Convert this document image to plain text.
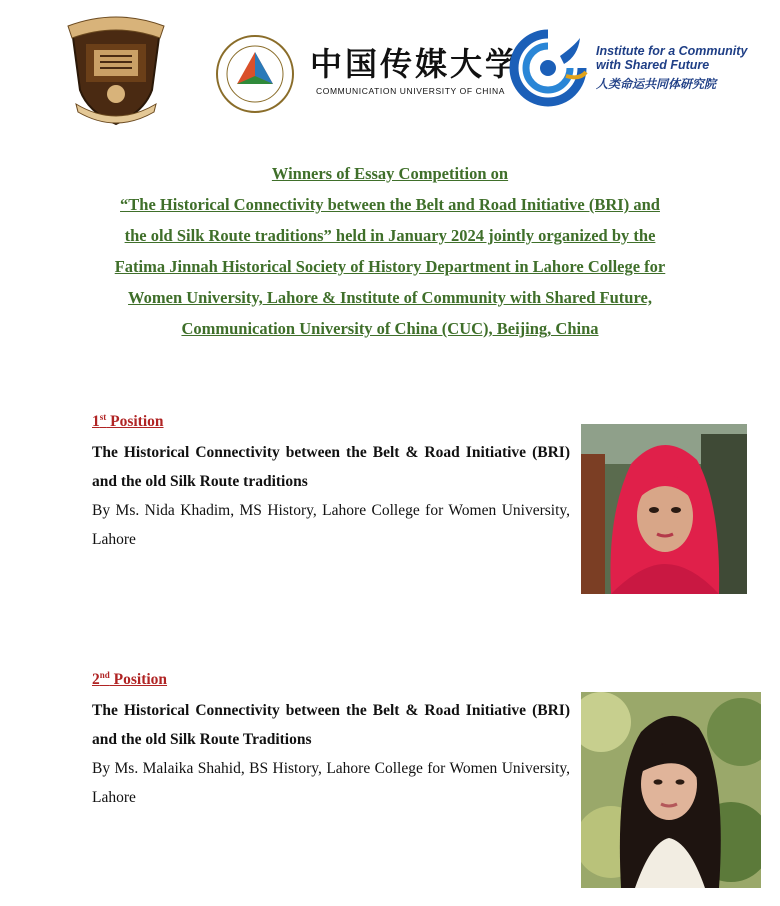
中国传媒大学
COMMUNICATION UNIVERSITY OF CHINA
Institute for a Community
with Shared Future
人类命运共同体研究院
Winners of Essay Competition on
“The Historical Connectivity between the Belt and Road Initiative (BRI) and
the old Silk Route traditions” held in January 2024 jointly organized by the
Fatima Jinnah Historical Society of History Department in Lahore College for
Women University, Lahore & Institute of Community with Shared Future,
Communication University of China (CUC), Beijing, China
1st Position
The Historical Connectivity between the Belt & Road Initiative (BRI) and the old Silk Route traditions
By Ms. Nida Khadim, MS History, Lahore College for Women University, Lahore
2nd Position
The Historical Connectivity between the Belt & Road Initiative (BRI) and the old Silk Route Traditions
By Ms. Malaika Shahid, BS History, Lahore College for Women University, Lahore
